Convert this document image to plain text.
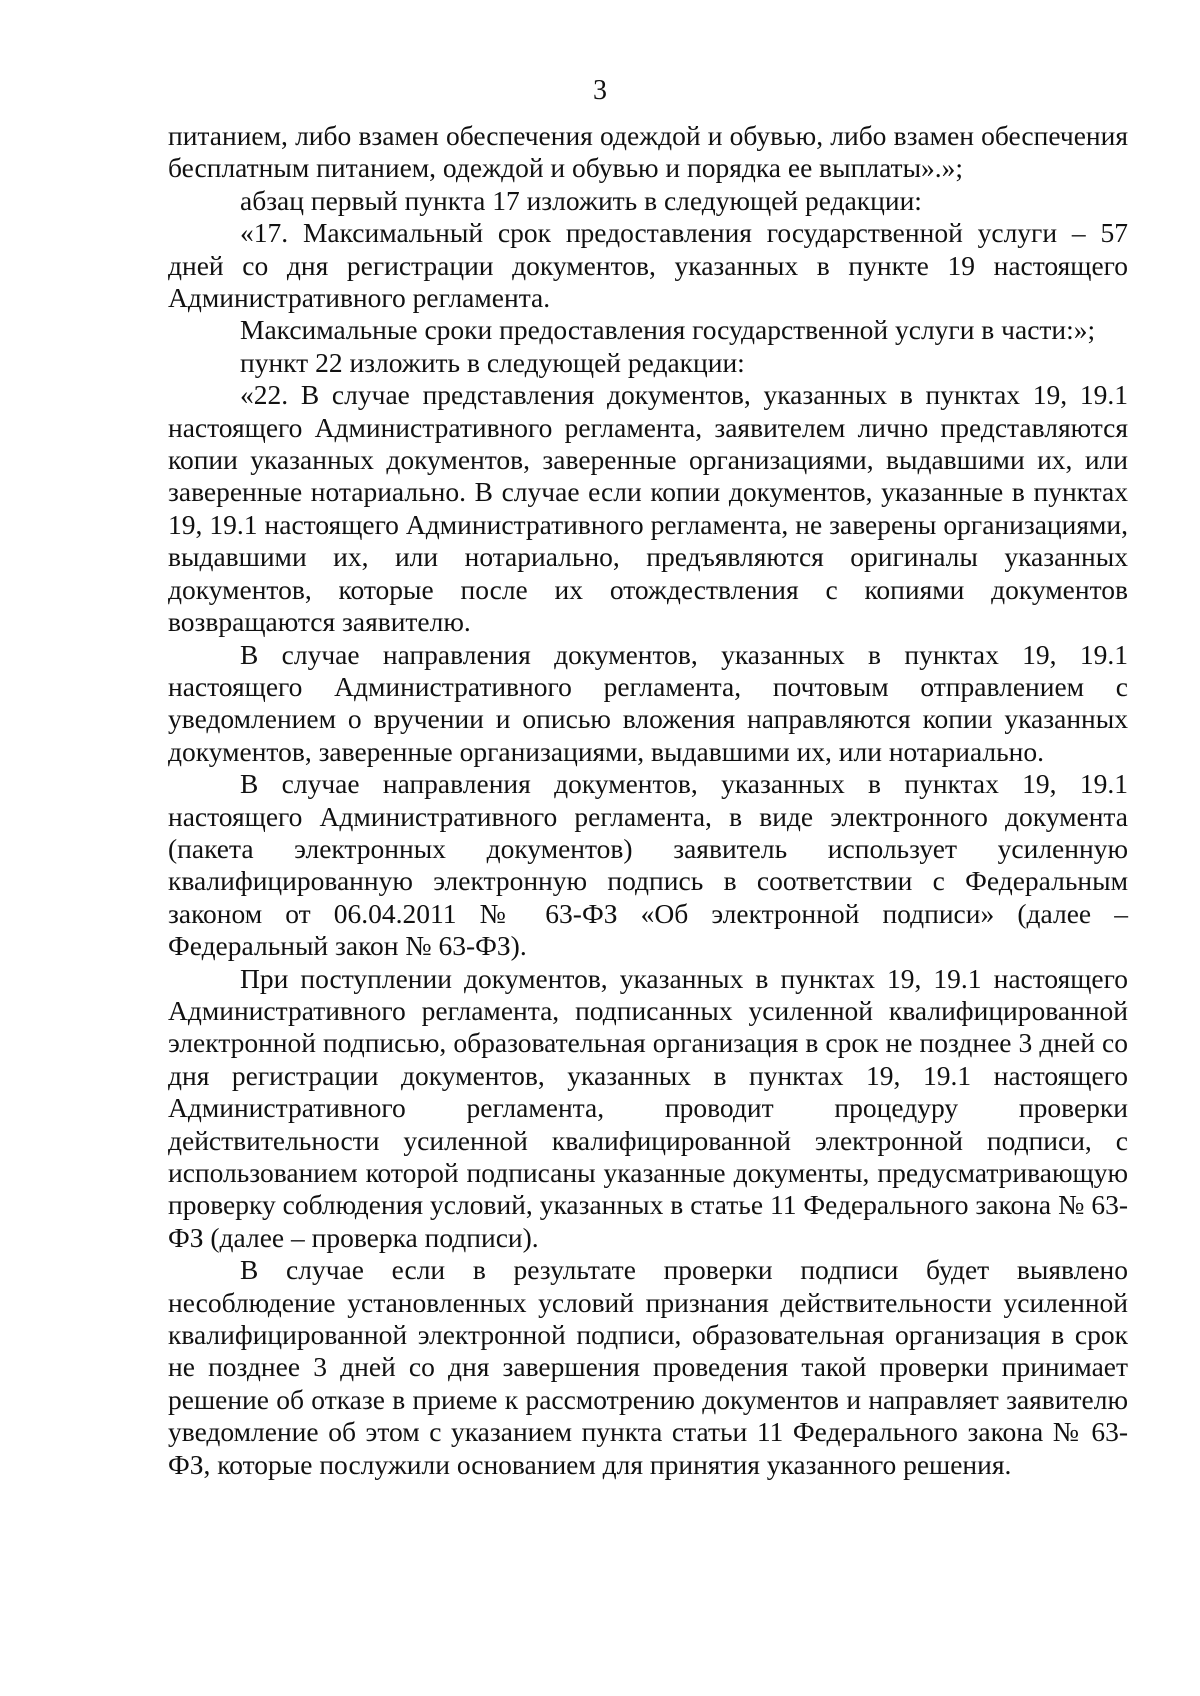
3

питанием, либо взамен обеспечения одеждой и обувью, либо взамен обеспечения бесплатным питанием, одеждой и обувью и порядка ее выплаты».»;

абзац первый пункта 17 изложить в следующей редакции:

«17. Максимальный срок предоставления государственной услуги – 57 дней со дня регистрации документов, указанных в пункте 19 настоящего Административного регламента.

Максимальные сроки предоставления государственной услуги в части:»;

пункт 22 изложить в следующей редакции:

«22. В случае представления документов, указанных в пунктах 19, 19.1 настоящего Административного регламента, заявителем лично представляются копии указанных документов, заверенные организациями, выдавшими их, или заверенные нотариально. В случае если копии документов, указанные в пунктах 19, 19.1 настоящего Административного регламента, не заверены организациями, выдавшими их, или нотариально, предъявляются оригиналы указанных документов, которые после их отождествления с копиями документов возвращаются заявителю.

В случае направления документов, указанных в пунктах 19, 19.1 настоящего Административного регламента, почтовым отправлением с уведомлением о вручении и описью вложения направляются копии указанных документов, заверенные организациями, выдавшими их, или нотариально.

В случае направления документов, указанных в пунктах 19, 19.1 настоящего Административного регламента, в виде электронного документа (пакета электронных документов) заявитель использует усиленную квалифицированную электронную подпись в соответствии с Федеральным законом от 06.04.2011 № 63-ФЗ «Об электронной подписи» (далее – Федеральный закон № 63-ФЗ).

При поступлении документов, указанных в пунктах 19, 19.1 настоящего Административного регламента, подписанных усиленной квалифицированной электронной подписью, образовательная организация в срок не позднее 3 дней со дня регистрации документов, указанных в пунктах 19, 19.1 настоящего Административного регламента, проводит процедуру проверки действительности усиленной квалифицированной электронной подписи, с использованием которой подписаны указанные документы, предусматривающую проверку соблюдения условий, указанных в статье 11 Федерального закона № 63-ФЗ (далее – проверка подписи).

В случае если в результате проверки подписи будет выявлено несоблюдение установленных условий признания действительности усиленной квалифицированной электронной подписи, образовательная организация в срок не позднее 3 дней со дня завершения проведения такой проверки принимает решение об отказе в приеме к рассмотрению документов и направляет заявителю уведомление об этом с указанием пункта статьи 11 Федерального закона № 63-ФЗ, которые послужили основанием для принятия указанного решения.
